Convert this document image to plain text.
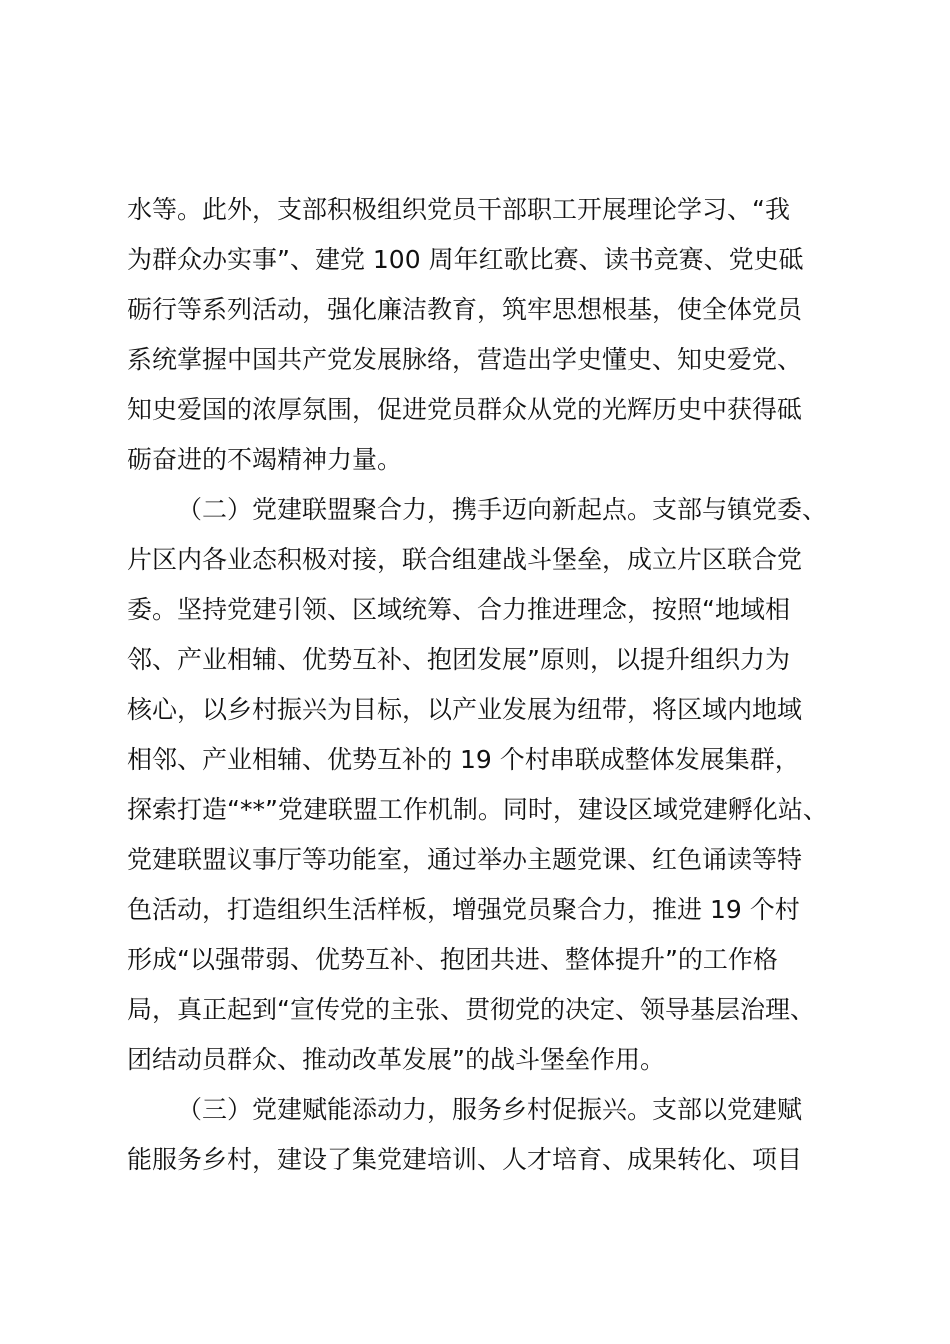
水等。此外，支部积极组织党员干部职工开展理论学习、“我
为群众办实事”、建党 100 周年红歌比赛、读书竞赛、党史砥
砺行等系列活动，强化廉洁教育，筑牢思想根基，使全体党员
系统掌握中国共产党发展脉络，营造出学史懂史、知史爱党、
知史爱国的浓厚氛围，促进党员群众从党的光辉历史中获得砥
砺奋进的不竭精神力量。
（二）党建联盟聚合力，携手迈向新起点。支部与镇党委、
片区内各业态积极对接，联合组建战斗堡垒，成立片区联合党
委。坚持党建引领、区域统筹、合力推进理念，按照“地域相
邻、产业相辅、优势互补、抱团发展”原则，以提升组织力为
核心，以乡村振兴为目标，以产业发展为纽带，将区域内地域
相邻、产业相辅、优势互补的 19 个村串联成整体发展集群，
探索打造“**”党建联盟工作机制。同时，建设区域党建孵化站、
党建联盟议事厅等功能室，通过举办主题党课、红色诵读等特
色活动，打造组织生活样板，增强党员聚合力，推进 19 个村
形成“以强带弱、优势互补、抱团共进、整体提升”的工作格
局，真正起到“宣传党的主张、贯彻党的决定、领导基层治理、
团结动员群众、推动改革发展”的战斗堡垒作用。
（三）党建赋能添动力，服务乡村促振兴。支部以党建赋
能服务乡村，建设了集党建培训、人才培育、成果转化、项目
